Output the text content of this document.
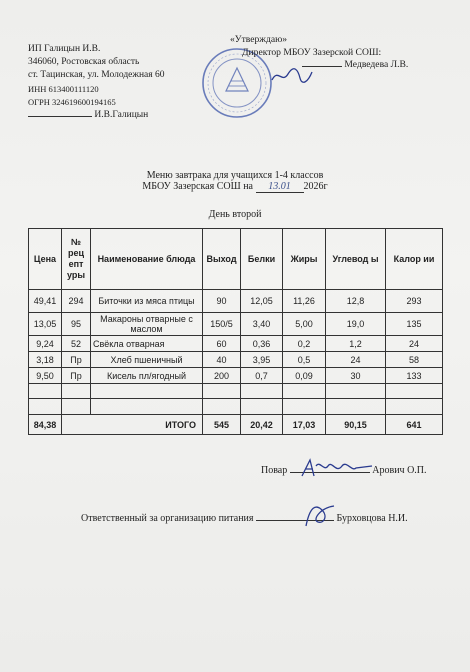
ИП Галицын И.В.
346060, Ростовская область
ст. Тацинская, ул. Молодежная 60
ИНН 613400111120
ОГРН 324619600194165
И.В.Галицын
«Утверждаю»
Директор МБОУ Зазерской СОШ:
Медведева Л.В.
Меню завтрака для учащихся 1-4 классов
МБОУ Зазерская СОШ на 13.01 2026г
День второй
Цена	№ рец епт уры	Наименование блюда	Выход	Белки	Жиры	Углевод ы	Калор ии
49,41	294	Биточки из мяса птицы	90	12,05	11,26	12,8	293
13,05	95	Макароны отварные с маслом	150/5	3,40	5,00	19,0	135
9,24	52	Свёкла отварная	60	0,36	0,2	1,2	24
3,18	Пр	Хлеб пшеничный	40	3,95	0,5	24	58
9,50	Пр	Кисель пл/ягодный	200	0,7	0,09	30	133

84,38	ИТОГО		545	20,42	17,03	90,15	641
Повар	Арович О.П.
Ответственный за организацию питания	Бурховцова Н.И.
